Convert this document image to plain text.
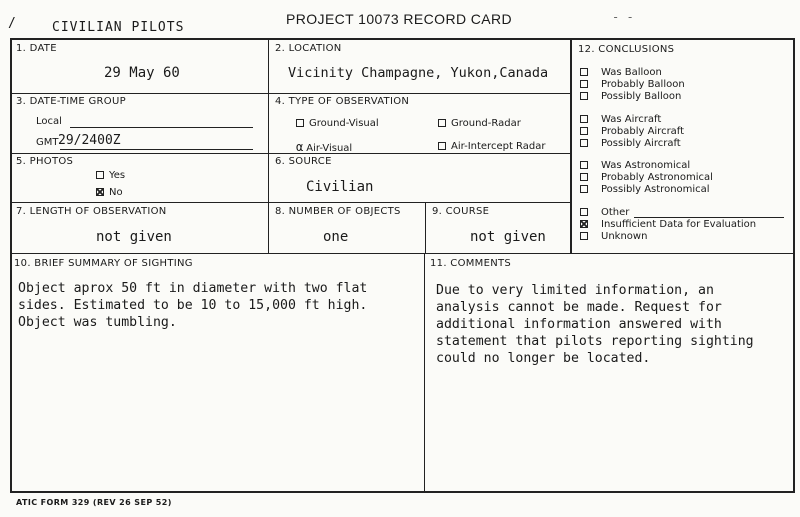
/	CIVILIAN PILOTS
PROJECT 10073 RECORD CARD	- -
1. DATE
29 May 60
2. LOCATION
Vicinity Champagne, Yukon,Canada
3. DATE-TIME GROUP
Local
GMT 29/2400Z
4. TYPE OF OBSERVATION
Ground-Visual	Ground-Radar
α Air-Visual	Air-Intercept Radar
5. PHOTOS
Yes
No
6. SOURCE
Civilian
7. LENGTH OF OBSERVATION
not given
8. NUMBER OF OBJECTS
one
9. COURSE
not given
12. CONCLUSIONS
Was Balloon
Probably Balloon
Possibly Balloon
Was Aircraft
Probably Aircraft
Possibly Aircraft
Was Astronomical
Probably Astronomical
Possibly Astronomical
Other
Insufficient Data for Evaluation
Unknown
10. BRIEF SUMMARY OF SIGHTING
Object aprox 50 ft in diameter with two flat
sides. Estimated to be 10 to 15,000 ft high.
Object was tumbling.
11. COMMENTS
Due to very limited information, an
analysis cannot be made. Request for
additional information answered with
statement that pilots reporting sighting
could no longer be located.
ATIC FORM 329 (REV 26 SEP 52)
